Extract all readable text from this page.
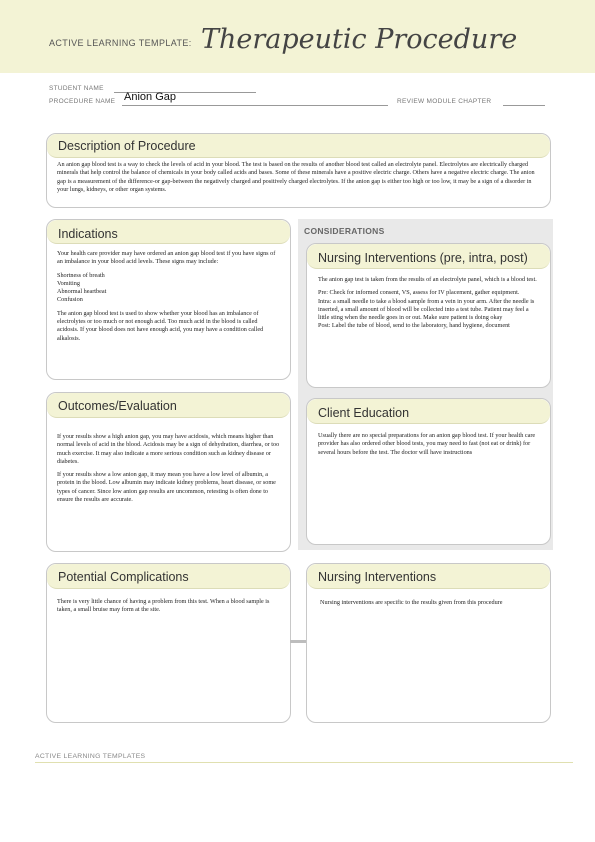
ACTIVE LEARNING TEMPLATE: Therapeutic Procedure
STUDENT NAME
PROCEDURE NAME Anion Gap	REVIEW MODULE CHAPTER
Description of Procedure
An anion gap blood test is a way to check the levels of acid in your blood. The test is based on the results of another blood test called an electrolyte panel. Electrolytes are electrically charged minerals that help control the balance of chemicals in your body called acids and bases. Some of these minerals have a positive electric charge. Others have a negative electric charge. The anion gap is a measurement of the difference-or gap-between the negatively charged and positively charged electrolytes. If the anion gap is either too high or too low, it may be a sign of a disorder in your lungs, kidneys, or other organ systems.
Indications

Your health care provider may have ordered an anion gap blood test if you have signs of an imbalance in your blood acid levels. These signs may include:

Shortness of breath
Vomiting
Abnormal heartbeat
Confusion

The anion gap blood test is used to show whether your blood has an imbalance of electrolytes or too much or not enough acid. Too much acid in the blood is called acidosis. If your blood does not have enough acid, you may have a condition called alkalosis.

CONSIDERATIONS
Nursing Interventions (pre, intra, post)

The anion gap test is taken from the results of an electrolyte panel, which is a blood test.

Pre: Check for informed consent, VS, assess for IV placement, gather equipment.
Intra: a small needle to take a blood sample from a vein in your arm. After the needle is inserted, a small amount of blood will be collected into a test tube. Patient may feel a little sting when the needle goes in or out. Make sure patient is doing okay
Post: Label the tube of blood, send to the laboratory, hand hygiene, document

Outcomes/Evaluation

If your results show a high anion gap, you may have acidosis, which means higher than normal levels of acid in the blood. Acidosis may be a sign of dehydration, diarrhea, or too much exercise. It may also indicate a more serious condition such as kidney disease or diabetes.

If your results show a low anion gap, it may mean you have a low level of albumin, a protein in the blood. Low albumin may indicate kidney problems, heart disease, or some types of cancer. Since low anion gap results are uncommon, retesting is often done to ensure the results are accurate.

Client Education
Usually there are no special preparations for an anion gap blood test. If your health care provider has also ordered other blood tests, you may need to fast (not eat or drink) for several hours before the test. The doctor will have instructions
Potential Complications
There is very little chance of having a problem from this test. When a blood sample is taken, a small bruise may form at the site.
Nursing Interventions
Nursing interventions are specific to the results given from this procedure
ACTIVE LEARNING TEMPLATES
